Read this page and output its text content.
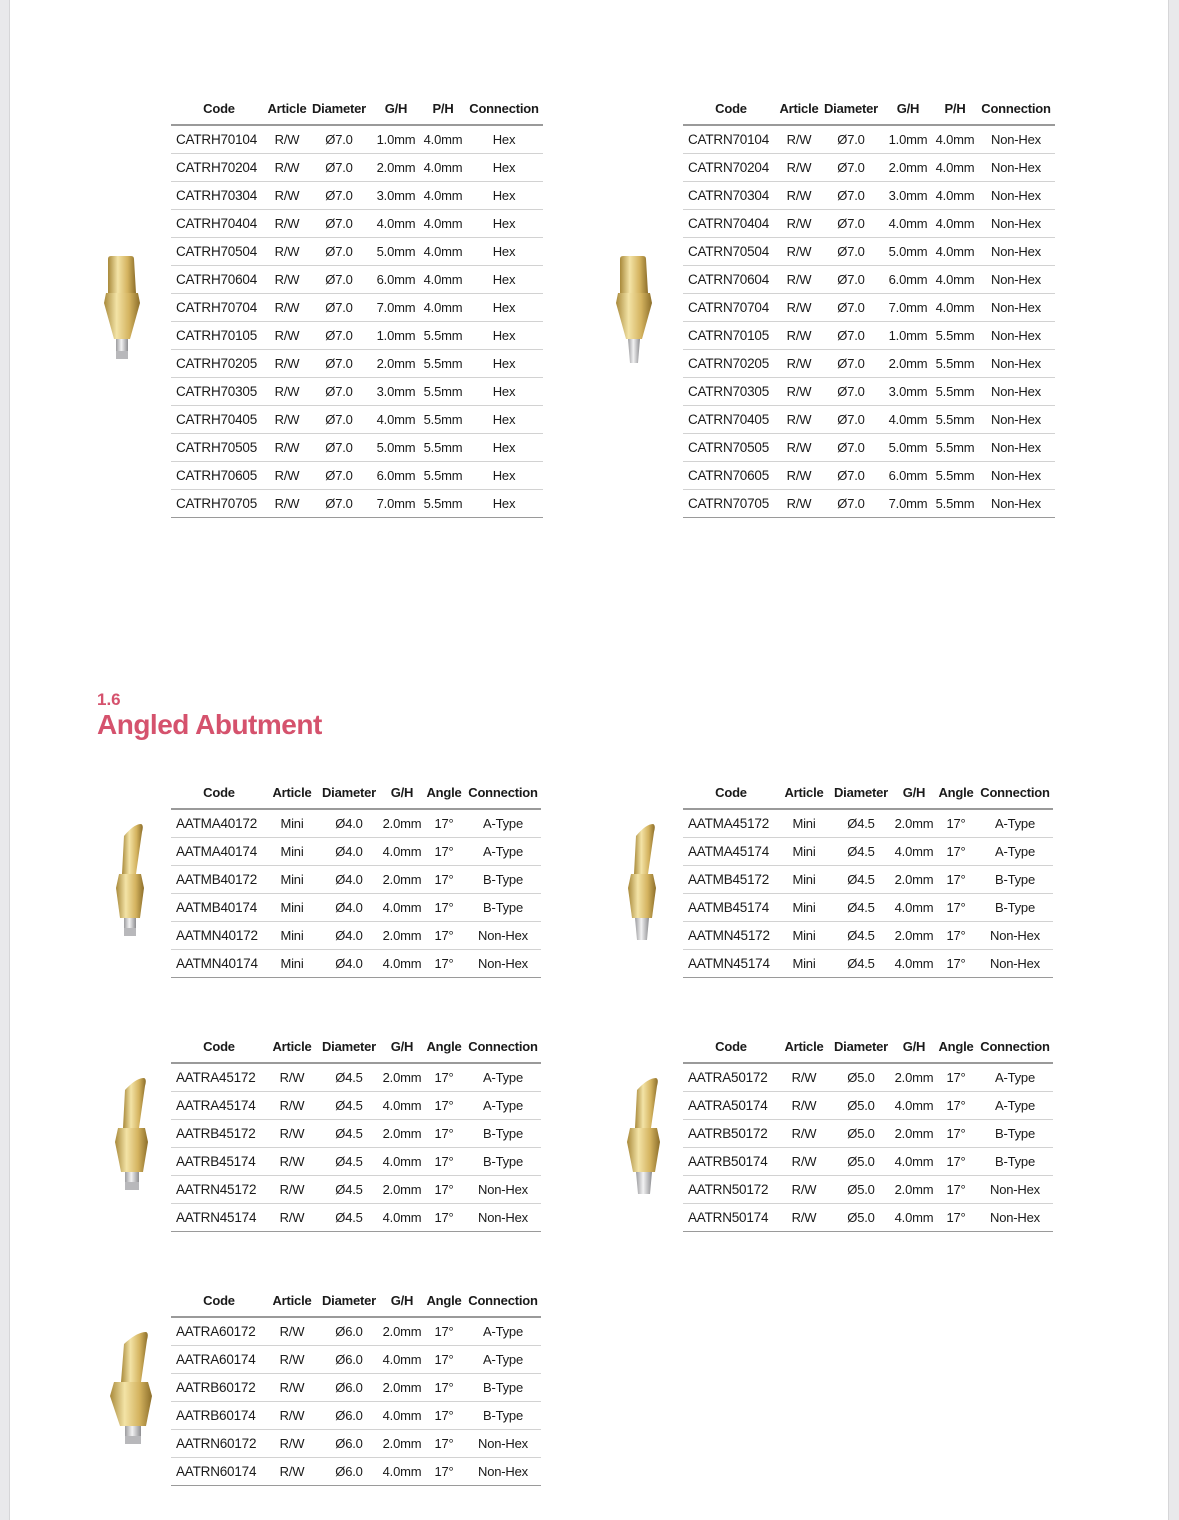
Code	Article	Diameter	G/H	P/H	Connection
CATRH70104	R/W	Ø7.0	1.0mm	4.0mm	Hex
CATRH70204	R/W	Ø7.0	2.0mm	4.0mm	Hex
CATRH70304	R/W	Ø7.0	3.0mm	4.0mm	Hex
CATRH70404	R/W	Ø7.0	4.0mm	4.0mm	Hex
CATRH70504	R/W	Ø7.0	5.0mm	4.0mm	Hex
CATRH70604	R/W	Ø7.0	6.0mm	4.0mm	Hex
CATRH70704	R/W	Ø7.0	7.0mm	4.0mm	Hex
CATRH70105	R/W	Ø7.0	1.0mm	5.5mm	Hex
CATRH70205	R/W	Ø7.0	2.0mm	5.5mm	Hex
CATRH70305	R/W	Ø7.0	3.0mm	5.5mm	Hex
CATRH70405	R/W	Ø7.0	4.0mm	5.5mm	Hex
CATRH70505	R/W	Ø7.0	5.0mm	5.5mm	Hex
CATRH70605	R/W	Ø7.0	6.0mm	5.5mm	Hex
CATRH70705	R/W	Ø7.0	7.0mm	5.5mm	Hex
Code	Article	Diameter	G/H	P/H	Connection
CATRN70104	R/W	Ø7.0	1.0mm	4.0mm	Non-Hex
CATRN70204	R/W	Ø7.0	2.0mm	4.0mm	Non-Hex
CATRN70304	R/W	Ø7.0	3.0mm	4.0mm	Non-Hex
CATRN70404	R/W	Ø7.0	4.0mm	4.0mm	Non-Hex
CATRN70504	R/W	Ø7.0	5.0mm	4.0mm	Non-Hex
CATRN70604	R/W	Ø7.0	6.0mm	4.0mm	Non-Hex
CATRN70704	R/W	Ø7.0	7.0mm	4.0mm	Non-Hex
CATRN70105	R/W	Ø7.0	1.0mm	5.5mm	Non-Hex
CATRN70205	R/W	Ø7.0	2.0mm	5.5mm	Non-Hex
CATRN70305	R/W	Ø7.0	3.0mm	5.5mm	Non-Hex
CATRN70405	R/W	Ø7.0	4.0mm	5.5mm	Non-Hex
CATRN70505	R/W	Ø7.0	5.0mm	5.5mm	Non-Hex
CATRN70605	R/W	Ø7.0	6.0mm	5.5mm	Non-Hex
CATRN70705	R/W	Ø7.0	7.0mm	5.5mm	Non-Hex
1.6
Angled Abutment
Code	Article	Diameter	G/H	Angle	Connection
AATMA40172	Mini	Ø4.0	2.0mm	17°	A-Type
AATMA40174	Mini	Ø4.0	4.0mm	17°	A-Type
AATMB40172	Mini	Ø4.0	2.0mm	17°	B-Type
AATMB40174	Mini	Ø4.0	4.0mm	17°	B-Type
AATMN40172	Mini	Ø4.0	2.0mm	17°	Non-Hex
AATMN40174	Mini	Ø4.0	4.0mm	17°	Non-Hex
Code	Article	Diameter	G/H	Angle	Connection
AATMA45172	Mini	Ø4.5	2.0mm	17°	A-Type
AATMA45174	Mini	Ø4.5	4.0mm	17°	A-Type
AATMB45172	Mini	Ø4.5	2.0mm	17°	B-Type
AATMB45174	Mini	Ø4.5	4.0mm	17°	B-Type
AATMN45172	Mini	Ø4.5	2.0mm	17°	Non-Hex
AATMN45174	Mini	Ø4.5	4.0mm	17°	Non-Hex
Code	Article	Diameter	G/H	Angle	Connection
AATRA45172	R/W	Ø4.5	2.0mm	17°	A-Type
AATRA45174	R/W	Ø4.5	4.0mm	17°	A-Type
AATRB45172	R/W	Ø4.5	2.0mm	17°	B-Type
AATRB45174	R/W	Ø4.5	4.0mm	17°	B-Type
AATRN45172	R/W	Ø4.5	2.0mm	17°	Non-Hex
AATRN45174	R/W	Ø4.5	4.0mm	17°	Non-Hex
Code	Article	Diameter	G/H	Angle	Connection
AATRA50172	R/W	Ø5.0	2.0mm	17°	A-Type
AATRA50174	R/W	Ø5.0	4.0mm	17°	A-Type
AATRB50172	R/W	Ø5.0	2.0mm	17°	B-Type
AATRB50174	R/W	Ø5.0	4.0mm	17°	B-Type
AATRN50172	R/W	Ø5.0	2.0mm	17°	Non-Hex
AATRN50174	R/W	Ø5.0	4.0mm	17°	Non-Hex
Code	Article	Diameter	G/H	Angle	Connection
AATRA60172	R/W	Ø6.0	2.0mm	17°	A-Type
AATRA60174	R/W	Ø6.0	4.0mm	17°	A-Type
AATRB60172	R/W	Ø6.0	2.0mm	17°	B-Type
AATRB60174	R/W	Ø6.0	4.0mm	17°	B-Type
AATRN60172	R/W	Ø6.0	2.0mm	17°	Non-Hex
AATRN60174	R/W	Ø6.0	4.0mm	17°	Non-Hex
